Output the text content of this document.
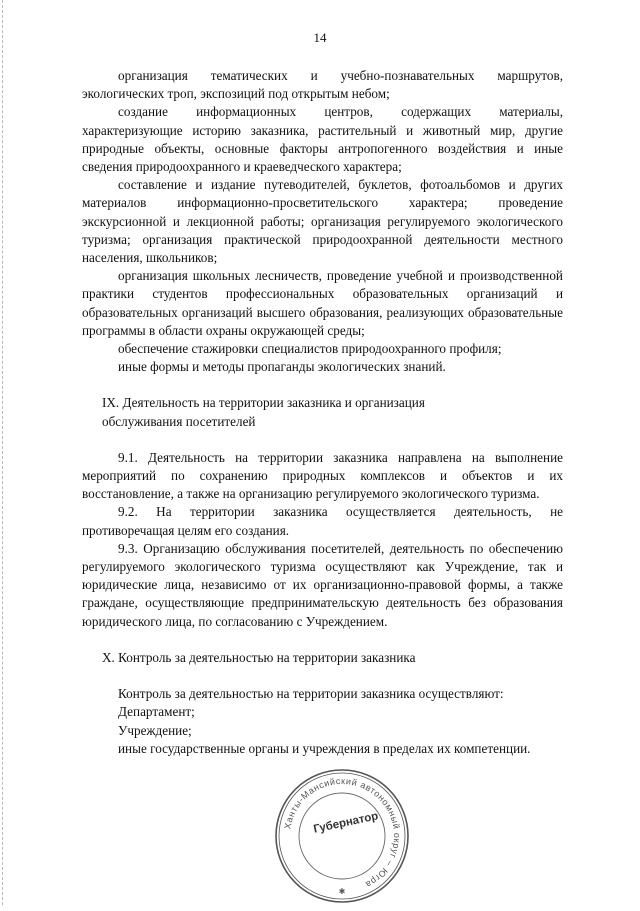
14

организация тематических и учебно-познавательных маршрутов, экологических троп, экспозиций под открытым небом;

создание информационных центров, содержащих материалы, характеризующие историю заказника, растительный и животный мир, другие природные объекты, основные факторы антропогенного воздействия и иные сведения природоохранного и краеведческого характера;

составление и издание путеводителей, буклетов, фотоальбомов и других материалов информационно-просветительского характера; проведение экскурсионной и лекционной работы; организация регулируемого экологического туризма; организация практической природоохранной деятельности местного населения, школьников;

организация школьных лесничеств, проведение учебной и производственной практики студентов профессиональных образовательных организаций и образовательных организаций высшего образования, реализующих образовательные программы в области охраны окружающей среды;

обеспечение стажировки специалистов природоохранного профиля;

иные формы и методы пропаганды экологических знаний.

IX. Деятельность на территории заказника и организация
обслуживания посетителей

9.1. Деятельность на территории заказника направлена на выполнение мероприятий по сохранению природных комплексов и объектов и их восстановление, а также на организацию регулируемого экологического туризма.

9.2. На территории заказника осуществляется деятельность, не противоречащая целям его создания.

9.3. Организацию обслуживания посетителей, деятельность по обеспечению регулируемого экологического туризма осуществляют как Учреждение, так и юридические лица, независимо от их организационно-правовой формы, а также граждане, осуществляющие предпринимательскую деятельность без образования юридического лица, по согласованию с Учреждением.

X. Контроль за деятельностью на территории заказника

Контроль за деятельностью на территории заказника осуществляют:

Департамент;

Учреждение;

иные государственные органы и учреждения в пределах их компетенции.

Ханты-Мансийский автономный округ – Югра
✱
Губернатор
